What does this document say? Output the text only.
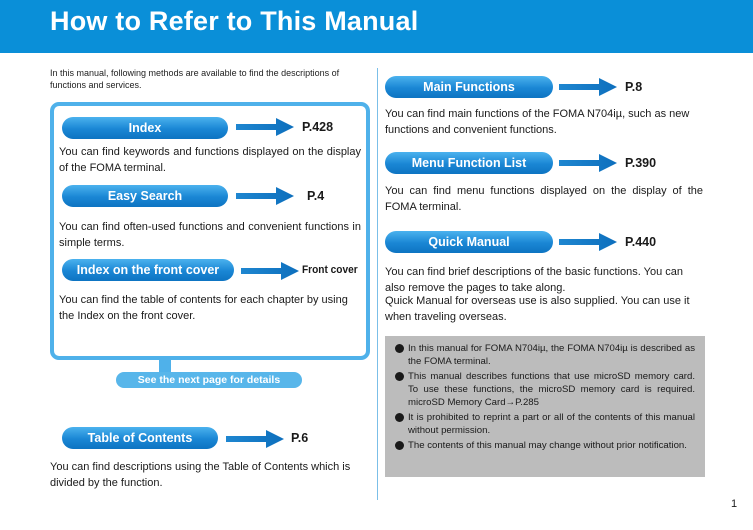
How to Refer to This Manual
In this manual, following methods are available to find the descriptions of functions and services.
Index	P.428
You can find keywords and functions displayed on the display of the FOMA terminal.
Easy Search	P.4
You can find often-used functions and convenient functions in simple terms.
Index on the front cover	Front cover
You can find the table of contents for each chapter by using the Index on the front cover.
See the next page for details
Table of Contents	P.6
You can find descriptions using the Table of Contents which is divided by the function.
Main Functions	P.8
You can find main functions of the FOMA N704iµ, such as new functions and convenient functions.
Menu Function List	P.390
You can find menu functions displayed on the display of the FOMA terminal.
Quick Manual	P.440
You can find brief descriptions of the basic functions. You can also remove the pages to take along.
Quick Manual for overseas use is also supplied. You can use it when traveling overseas.
In this manual for FOMA N704iµ, the FOMA N704iµ is described as the FOMA terminal.
This manual describes functions that use microSD memory card. To use these functions, the microSD memory card is required. microSD Memory Card→P.285
It is prohibited to reprint a part or all of the contents of this manual without permission.
The contents of this manual may change without prior notification.
1
